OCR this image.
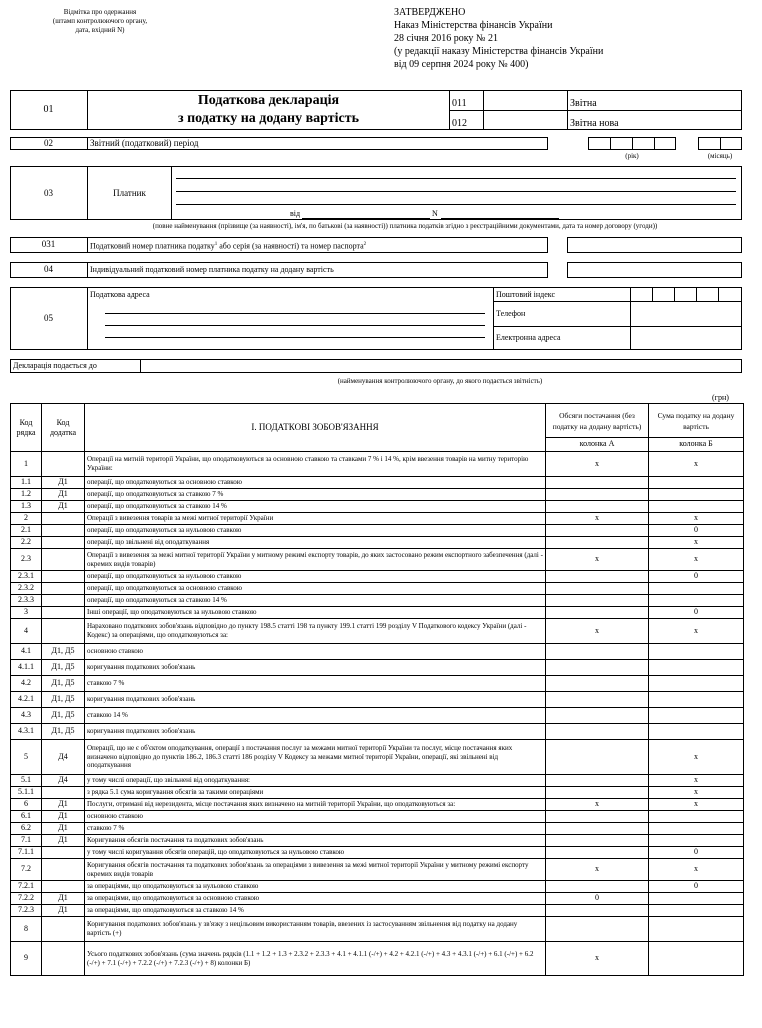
Відмітка про одержання
(штамп контролюючого органу,
дата, вхідний N)
ЗАТВЕРДЖЕНО
Наказ Міністерства фінансів України
28 січня 2016 року № 21
(у редакції наказу Міністерства фінансів України
від 09 серпня 2024 року № 400)
01
Податкова декларація
з податку на додану вартість
011	Звітна
012	Звітна нова
02	Звітний (податковий) період
(рік)	(місяць)
03	Платник
від	N
(повне найменування (прізвище (за наявності), ім'я, по батькові (за наявності)) платника податків згідно з реєстраційними документами, дата та номер договору (угоди))
031	Податковий номер платника податку$^1$ або серія (за наявності) та номер паспорта$^2$
04	Індивідуальний податковий номер платника податку на додану вартість
05
Податкова адреса	Поштовий індекс
Телефон
Електронна адреса
Декларація подається до
(найменування контролюючого органу, до якого подається звітність)
(грн)
Код рядка	Код додатка	І. ПОДАТКОВІ ЗОБОВ'ЯЗАННЯ	Обсяги постачання (без податку на додану вартість)	Сума податку на додану вартість
			колонка А	колонка Б
1		Операції на митній території України, що оподатковуються за основною ставкою та ставками 7 % і 14 %, крім ввезення товарів на митну територію України:	x	x
1.1	Д1	операції, що оподатковуються за основною ставкою		
1.2	Д1	операції, що оподатковуються за ставкою 7 %		
1.3	Д1	операції, що оподатковуються за ставкою 14 %		
2		Операції з вивезення товарів за межі митної території України	x	x
2.1		операції, що оподатковуються за нульовою ставкою		0
2.2		операції, що звільнені від оподаткування		x
2.3		Операції з вивезення за межі митної території України у митному режимі експорту товарів, до яких застосовано режим експортного забезпечення (далі - окремих видів товарів)	x	x
2.3.1		операції, що оподатковуються за нульовою ставкою		0
2.3.2		операції, що оподатковуються за основною ставкою		
2.3.3		операції, що оподатковуються за ставкою 14 %		
3		Інші операції, що оподатковуються за нульовою ставкою		0
4		Нараховано податкових зобов'язань відповідно до пункту 198.5 статті 198 та пункту 199.1 статті 199 розділу V Податкового кодексу України (далі - Кодекс) за операціями, що оподатковуються за:	x	x
4.1	Д1, Д5	основною ставкою		
4.1.1	Д1, Д5	коригування податкових зобов'язань		
4.2	Д1, Д5	ставкою 7 %		
4.2.1	Д1, Д5	коригування податкових зобов'язань		
4.3	Д1, Д5	ставкою 14 %		
4.3.1	Д1, Д5	коригування податкових зобов'язань		
5	Д4	Операції, що не є об'єктом оподаткування, операції з постачання послуг за межами митної території України та послуг, місце постачання яких визначено відповідно до пунктів 186.2, 186.3 статті 186 розділу V Кодексу за межами митної території України, операції, які звільнені від оподаткування		x
5.1	Д4	у тому числі операції, що звільнені від оподаткування:		x
5.1.1		з рядка 5.1 сума коригування обсягів за такими операціями		x
6	Д1	Послуги, отримані від нерезидента, місце постачання яких визначено на митній території України, що оподатковуються за:	x	x
6.1	Д1	основною ставкою		
6.2	Д1	ставкою 7 %		
7.1	Д1	Коригування обсягів постачання та податкових зобов'язань		
7.1.1		у тому числі коригування обсягів операцій, що оподатковуються за нульовою ставкою		0
7.2		Коригування обсягів постачання та податкових зобов'язань за операціями з вивезення за межі митної території України у митному режимі експорту окремих видів товарів	x	x
7.2.1		за операціями, що оподатковуються за нульовою ставкою		0
7.2.2	Д1	за операціями, що оподатковуються за основною ставкою	0	
7.2.3	Д1	за операціями, що оподатковуються за ставкою 14 %		
8		Коригування податкових зобов'язань у зв'язку з нецільовим використанням товарів, ввезених із застосуванням звільнення від податку на додану вартість (+)		
9		Усього податкових зобов'язань (сума значень рядків (1.1 + 1.2 + 1.3 + 2.3.2 + 2.3.3 + 4.1 + 4.1.1 (-/+) + 4.2 + 4.2.1 (-/+) + 4.3 + 4.3.1 (-/+) + 6.1 (-/+) + 6.2 (-/+) + 7.1 (-/+) + 7.2.2 (-/+) + 7.2.3 (-/+) + 8) колонки Б)	x	
